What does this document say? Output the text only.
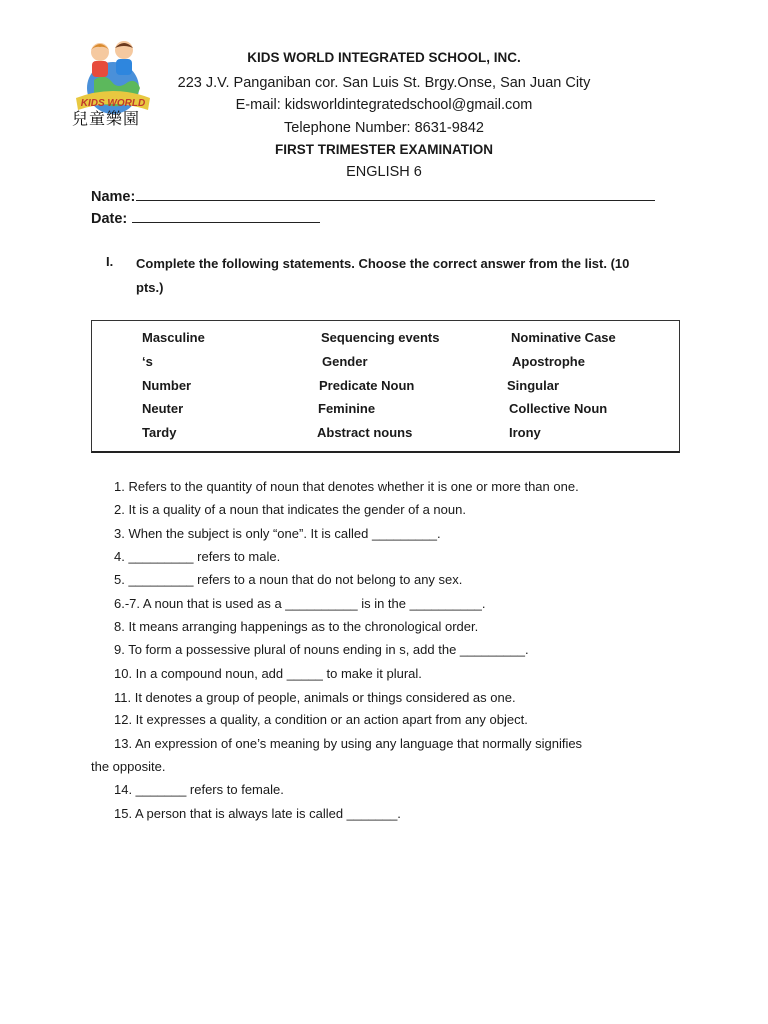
KIDS WORLD
兒童樂園
KIDS WORLD INTEGRATED SCHOOL, INC.
223 J.V. Panganiban cor. San Luis St. Brgy.Onse, San Juan City
E-mail: kidsworldintegratedschool@gmail.com
Telephone Number: 8631-9842
FIRST TRIMESTER EXAMINATION
ENGLISH 6
Name:
Date:
I. Complete the following statements. Choose the correct answer from the list. (10
pts.)
Masculine
‘s
Number
Neuter
Tardy
Sequencing events
Gender
Predicate Noun
Feminine
Abstract nouns
Nominative Case
Apostrophe
Singular
Collective Noun
Irony
1. Refers to the quantity of noun that denotes whether it is one or more than one.
2. It is a quality of a noun that indicates the gender of a noun.
3. When the subject is only “one”. It is called _________.
4. _________ refers to male.
5. _________ refers to a noun that do not belong to any sex.
6.-7. A noun that is used as a __________ is in the __________.
8. It means arranging happenings as to the chronological order.
9. To form a possessive plural of nouns ending in s, add the _________.
10. In a compound noun, add _____ to make it plural.
11. It denotes a group of people, animals or things considered as one.
12. It expresses a quality, a condition or an action apart from any object.
13. An expression of one’s meaning by using any language that normally signifies
the opposite.
14. _______ refers to female.
15. A person that is always late is called _______.
